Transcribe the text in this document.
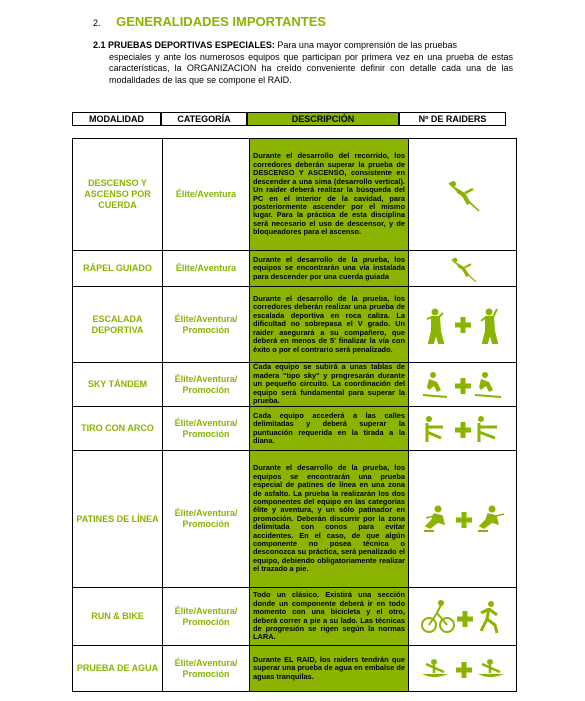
2. GENERALIDADES IMPORTANTES
2.1 PRUEBAS DEPORTIVAS ESPECIALES: Para una mayor comprensión de las pruebas
especiales y ante los numerosos equipos que participan por primera vez en una prueba de estas características, la ORGANIZACION ha creído conveniente definir con detalle cada una de las modalidades de las que se compone el RAID.
MODALIDAD	CATEGORÍA	DESCRIPCIÓN	Nº DE RAIDERS
DESCENSO Y ASCENSO POR CUERDA	Élite/Aventura	Durante el desarrollo del recorrido, los corredores deberán superar la prueba de DESCENSO Y ASCENSO, consistente en descender a una sima (desarrollo vertical). Un raider deberá realizar la búsqueda del PC en el interior de la cavidad, para posteriormente ascender por el mismo lugar. Para la práctica de esta disciplina será necesario el uso de descensor, y de bloqueadores para el ascenso.

RÁPEL GUIADO	Élite/Aventura	Durante el desarrollo de la prueba, los equipos se encontrarán una vía instalada para descender por una cuerda guiada

ESCALADA DEPORTIVA	Élite/Aventura/ Promoción	Durante el desarrollo de la prueba, los corredores deberán realizar una prueba de escalada deportiva en roca caliza. La dificultad no sobrepasa el V grado. Un raider asegurará a su compañero, que deberá en menos de 5' finalizar la vía con éxito o por el contrario será penalizado.

SKY TÁNDEM	Élite/Aventura/ Promoción	Cada equipo se subirá a unas tablas de madera "tipo sky" y progresarán durante un pequeño circuito. La coordinación del equipo será fundamental para superar la prueba.

TIRO CON ARCO	Élite/Aventura/ Promoción	Cada equipo accederá a las calles delimitadas y deberá superar la puntuación requerida en la tirada a la diana.

PATINES DE LÍNEA	Élite/Aventura/ Promoción	Durante el desarrollo de la prueba, los equipos se encontrarán una prueba especial de patines de línea en una zona de asfalto. La prueba la realizarán los dos componentes del equipo en las categorías élite y aventura, y un sólo patinador en promoción. Deberán discurrir por la zona delimitada con conos para evitar accidentes. En el caso, de que algún componente no posea técnica o desconozca su práctica, será penalizado el equipo, debiendo obligatoriamente realizar el trazado a pie.

RUN & BIKE	Élite/Aventura/ Promoción	Todo un clásico. Existirá una sección donde un componente deberá ir en todo momento con una bicicleta y el otro, deberá correr a pie a su lado. Las técnicas de progresión se rigen según la normas LARA.

PRUEBA DE AGUA	Élite/Aventura/ Promoción	Durante EL RAID, los raiders tendrán que superar una prueba de agua en embalse de aguas tranquilas.
